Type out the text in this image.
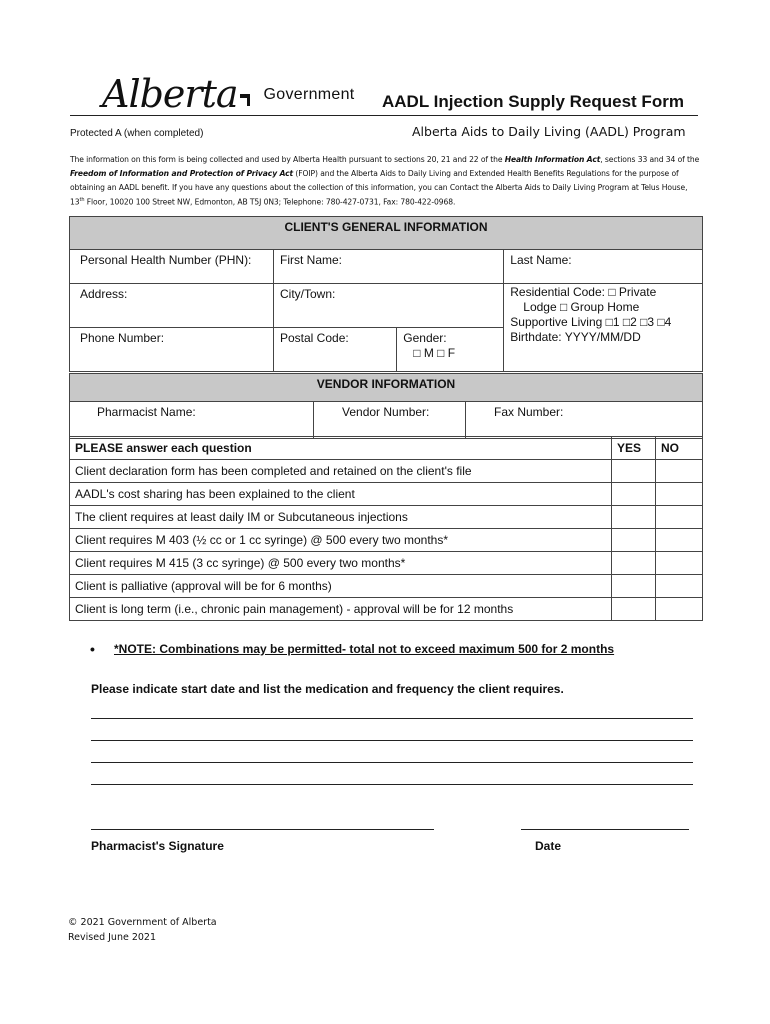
Alberta Government AADL Injection Supply Request Form
Protected A (when completed)	Alberta Aids to Daily Living (AADL) Program
The information on this form is being collected and used by Alberta Health pursuant to sections 20, 21 and 22 of the Health Information Act, sections 33 and 34 of the Freedom of Information and Protection of Privacy Act (FOIP) and the Alberta Aids to Daily Living and Extended Health Benefits Regulations for the purpose of obtaining an AADL benefit. If you have any questions about the collection of this information, you can Contact the Alberta Aids to Daily Living Program at Telus House, 13th Floor, 10020 100 Street NW, Edmonton, AB T5J 0N3; Telephone: 780-427-0731, Fax: 780-422-0968.
CLIENT'S GENERAL INFORMATION			
Personal Health Number (PHN):	First Name:		Last Name:
Address:	City/Town:		Residential Code: □ Private
Lodge □ Group Home
Supportive Living □1 □2 □3 □4
Birthdate: YYYY/MM/DD

Phone Number:	Postal Code:	Gender:
□ M □ F	
VENDOR INFORMATION
Pharmacist Name:	Vendor Number:	Fax Number:
PLEASE answer each question	YES	NO
Client declaration form has been completed and retained on the client's file		
AADL's cost sharing has been explained to the client		
The client requires at least daily IM or Subcutaneous injections		
Client requires M 403 (½ cc or 1 cc syringe) @ 500 every two months*		
Client requires M 415 (3 cc syringe) @ 500 every two months*		
Client is palliative (approval will be for 6 months)		
Client is long term (i.e., chronic pain management) - approval will be for 12 months		
• *NOTE: Combinations may be permitted- total not to exceed maximum 500 for 2 months
Please indicate start date and list the medication and frequency the client requires.
Pharmacist's Signature	Date
© 2021 Government of Alberta
Revised June 2021
